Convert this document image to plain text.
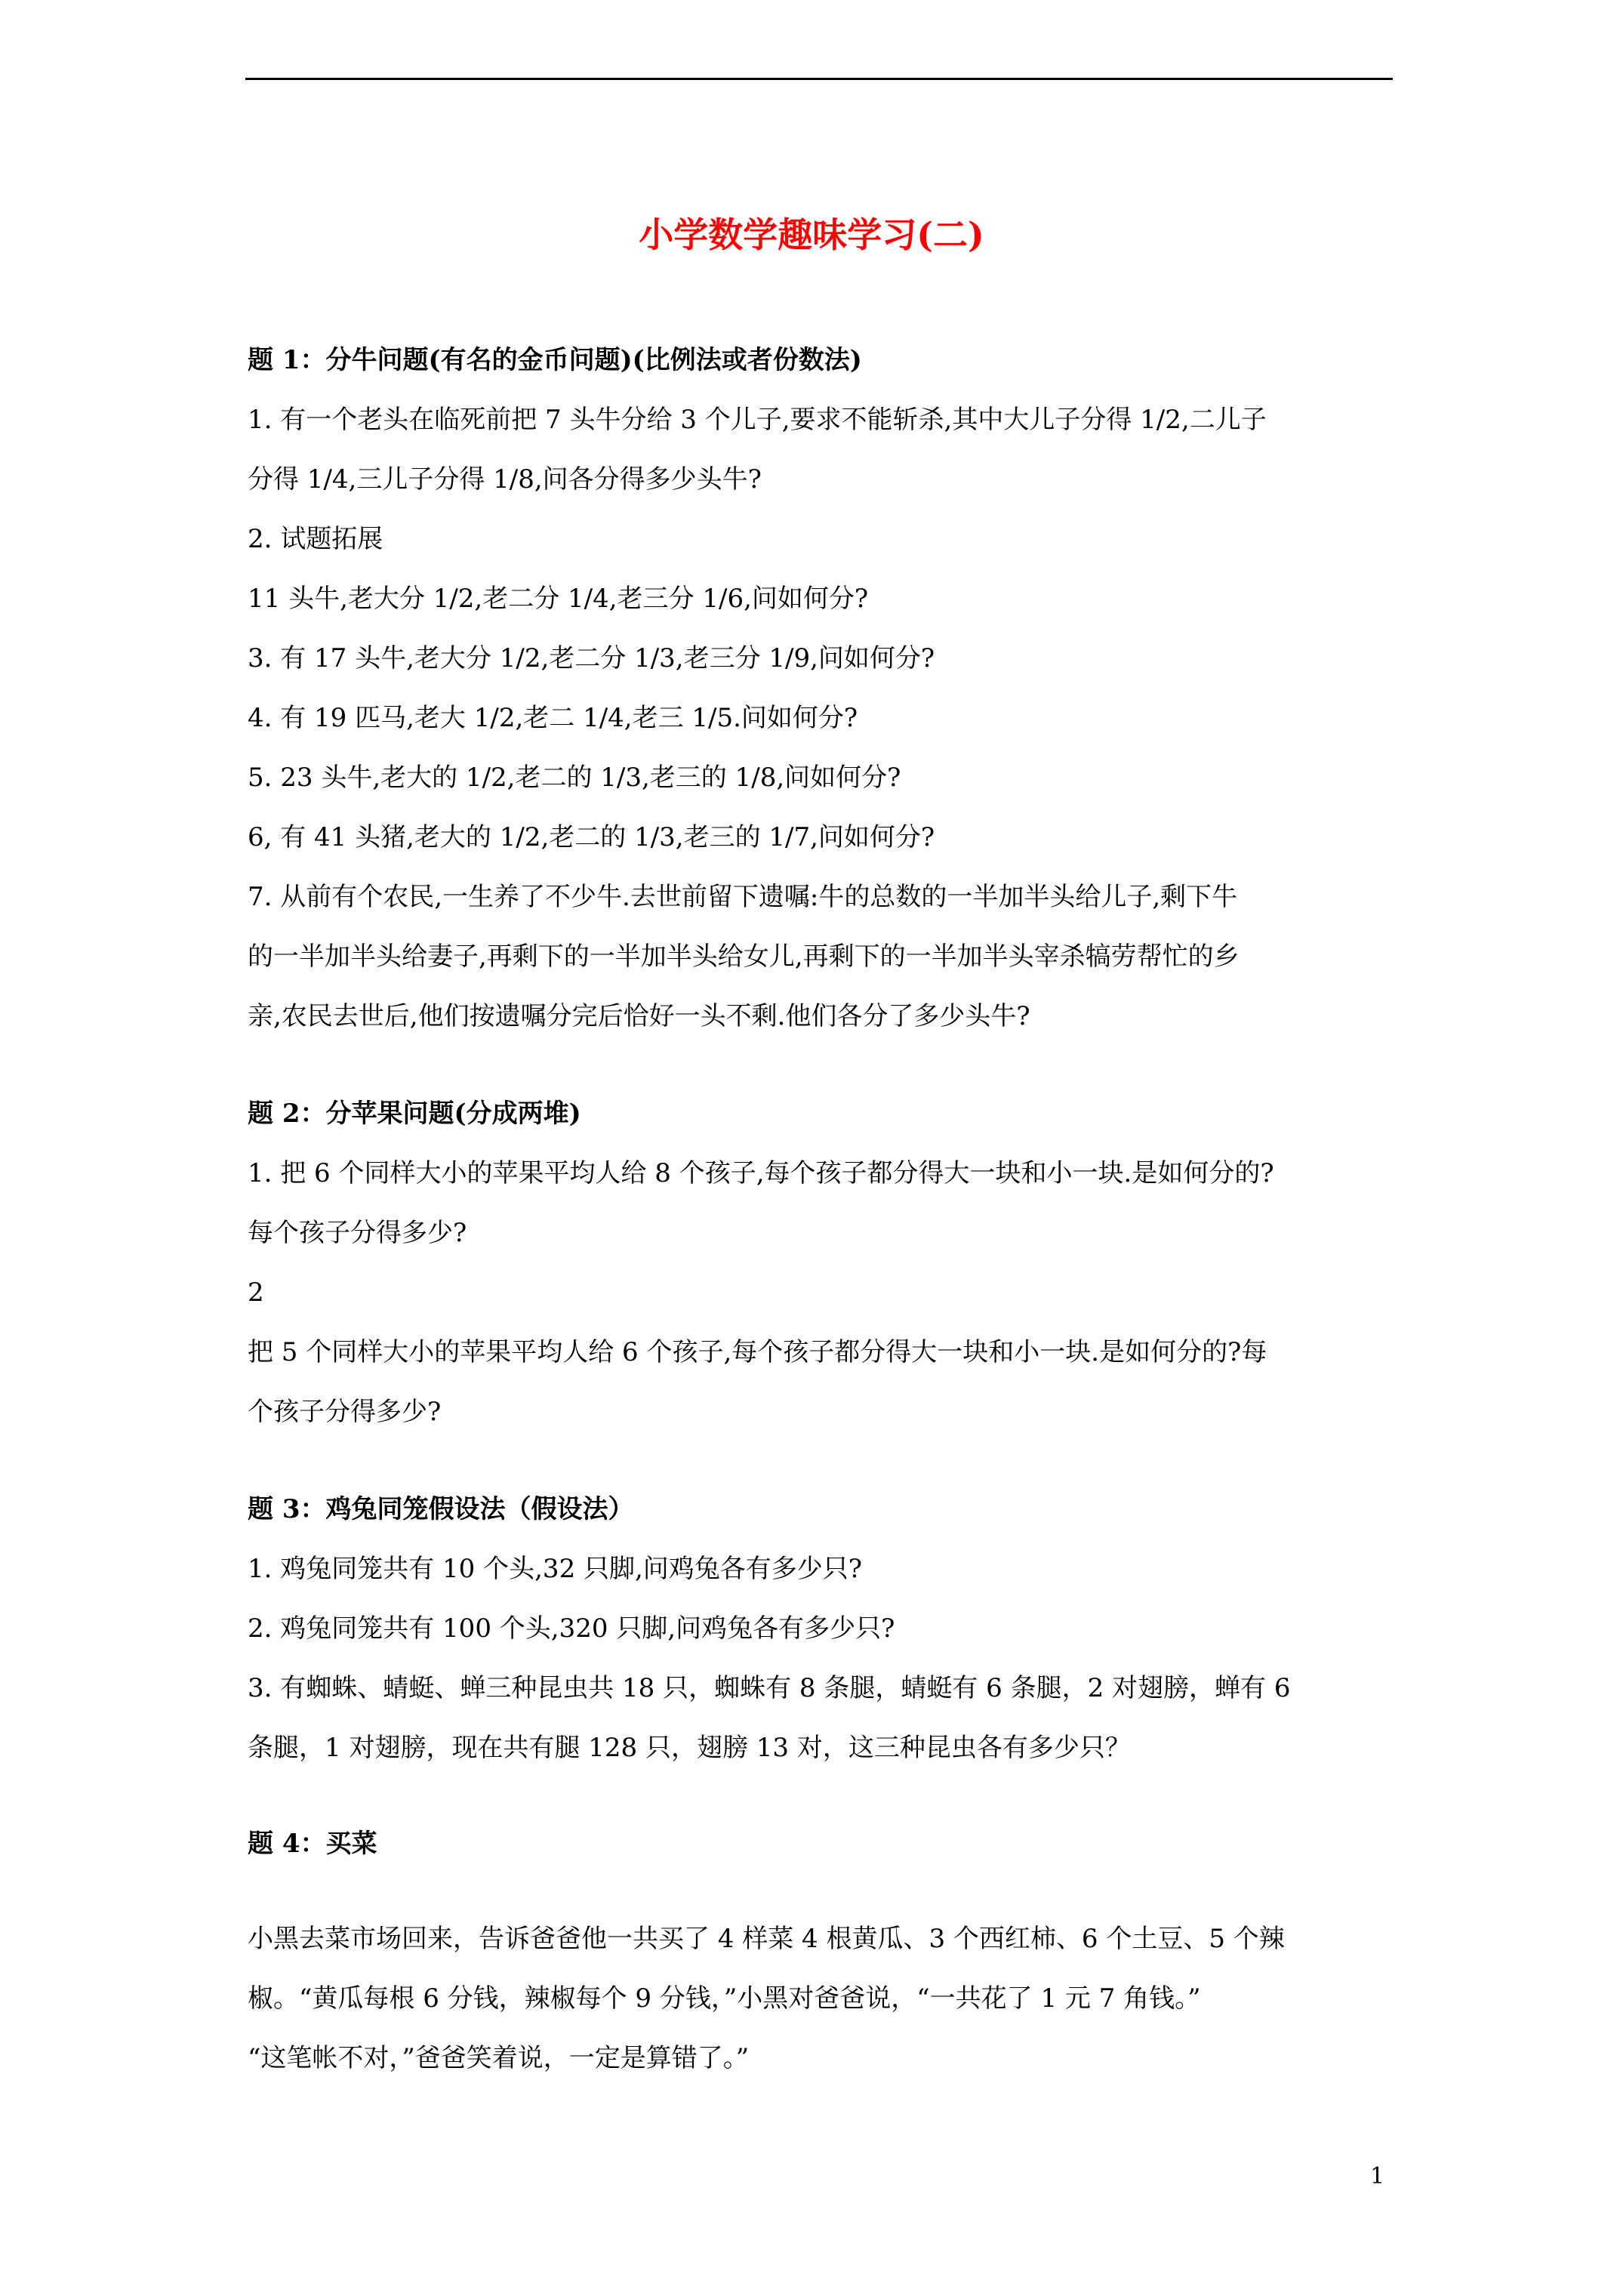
小学数学趣味学习(二)
题 1：分牛问题(有名的金币问题)(比例法或者份数法)
1. 有一个老头在临死前把 7 头牛分给 3 个儿子,要求不能斩杀,其中大儿子分得 1/2,二儿子
分得 1/4,三儿子分得 1/8,问各分得多少头牛?
2. 试题拓展
11 头牛,老大分 1/2,老二分 1/4,老三分 1/6,问如何分?
3. 有 17 头牛,老大分 1/2,老二分 1/3,老三分 1/9,问如何分?
4. 有 19 匹马,老大 1/2,老二 1/4,老三 1/5.问如何分?
5. 23 头牛,老大的 1/2,老二的 1/3,老三的 1/8,问如何分?
6, 有 41 头猪,老大的 1/2,老二的 1/3,老三的 1/7,问如何分?
7. 从前有个农民,一生养了不少牛.去世前留下遗嘱:牛的总数的一半加半头给儿子,剩下牛
的一半加半头给妻子,再剩下的一半加半头给女儿,再剩下的一半加半头宰杀犒劳帮忙的乡
亲,农民去世后,他们按遗嘱分完后恰好一头不剩.他们各分了多少头牛?
题 2：分苹果问题(分成两堆)
1. 把 6 个同样大小的苹果平均人给 8 个孩子,每个孩子都分得大一块和小一块.是如何分的?
每个孩子分得多少?
2
把 5 个同样大小的苹果平均人给 6 个孩子,每个孩子都分得大一块和小一块.是如何分的?每
个孩子分得多少?
题 3：鸡兔同笼假设法（假设法）
1. 鸡兔同笼共有 10 个头,32 只脚,问鸡兔各有多少只?
2. 鸡兔同笼共有 100 个头,320 只脚,问鸡兔各有多少只?
3. 有蜘蛛、蜻蜓、蝉三种昆虫共 18 只，蜘蛛有 8 条腿，蜻蜓有 6 条腿，2 对翅膀，蝉有 6
条腿，1 对翅膀，现在共有腿 128 只，翅膀 13 对，这三种昆虫各有多少只？
题 4：买菜
小黑去菜市场回来，告诉爸爸他一共买了 4 样菜 4 根黄瓜、3 个西红柿、6 个土豆、5 个辣
椒。“黄瓜每根 6 分钱，辣椒每个 9 分钱，”小黑对爸爸说，“一共花了 1 元 7 角钱。”
“这笔帐不对，”爸爸笑着说，一定是算错了。”
1
